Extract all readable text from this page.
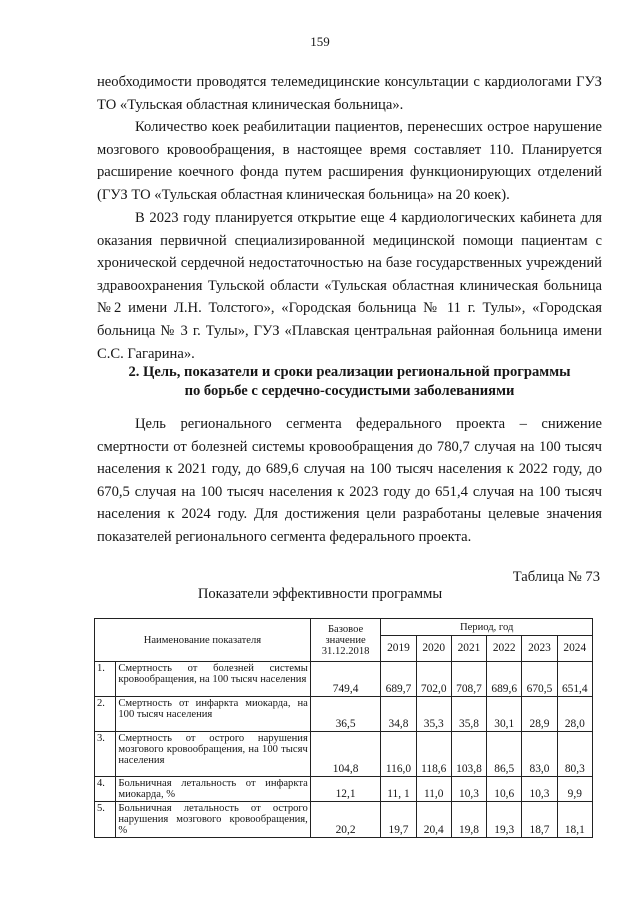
159

необходимости проводятся телемедицинские консультации с кардиологами ГУЗ ТО «Тульская областная клиническая больница».

Количество коек реабилитации пациентов, перенесших острое нарушение мозгового кровообращения, в настоящее время составляет 110. Планируется расширение коечного фонда путем расширения функционирующих отделений (ГУЗ ТО «Тульская областная клиническая больница» на 20 коек).

В 2023 году планируется открытие еще 4 кардиологических кабинета для оказания первичной специализированной медицинской помощи пациентам с хронической сердечной недостаточностью на базе государственных учреждений здравоохранения Тульской области «Тульская областная клиническая больница №2 имени Л.Н. Толстого», «Городская больница № 11 г. Тулы», «Городская больница № 3 г. Тулы», ГУЗ «Плавская центральная районная больница имени С.С. Гагарина».

2. Цель, показатели и сроки реализации региональной программы
по борьбе с сердечно-сосудистыми заболеваниями

Цель регионального сегмента федерального проекта – снижение смертности от болезней системы кровообращения до 780,7 случая на 100 тысяч населения к 2021 году, до 689,6 случая на 100 тысяч населения к 2022 году, до 670,5 случая на 100 тысяч населения к 2023 году до 651,4 случая на 100 тысяч населения к 2024 году. Для достижения цели разработаны целевые значения показателей регионального сегмента федерального проекта.

Таблица № 73
Показатели эффективности программы
Наименование показателя		Базовое
значение
31.12.2018	Период, год					
			2019	2020	2021	2022	2023	2024
1.	Смертность от болезней системы кровообращения, на 100 тысяч населения	749,4	689,7	702,0	708,7	689,6	670,5	651,4
2.	Смертность от инфаркта миокарда, на 100 тысяч населения	36,5	34,8	35,3	35,8	30,1	28,9	28,0
3.	Смертность от острого нарушения мозгового кровообращения, на 100 тысяч населения	104,8	116,0	118,6	103,8	86,5	83,0	80,3
4.	Больничная летальность от инфаркта миокарда, %	12,1	11, 1	11,0	10,3	10,6	10,3	9,9
5.	Больничная летальность от острого нарушения мозгового кровообращения, %	20,2	19,7	20,4	19,8	19,3	18,7	18,1
